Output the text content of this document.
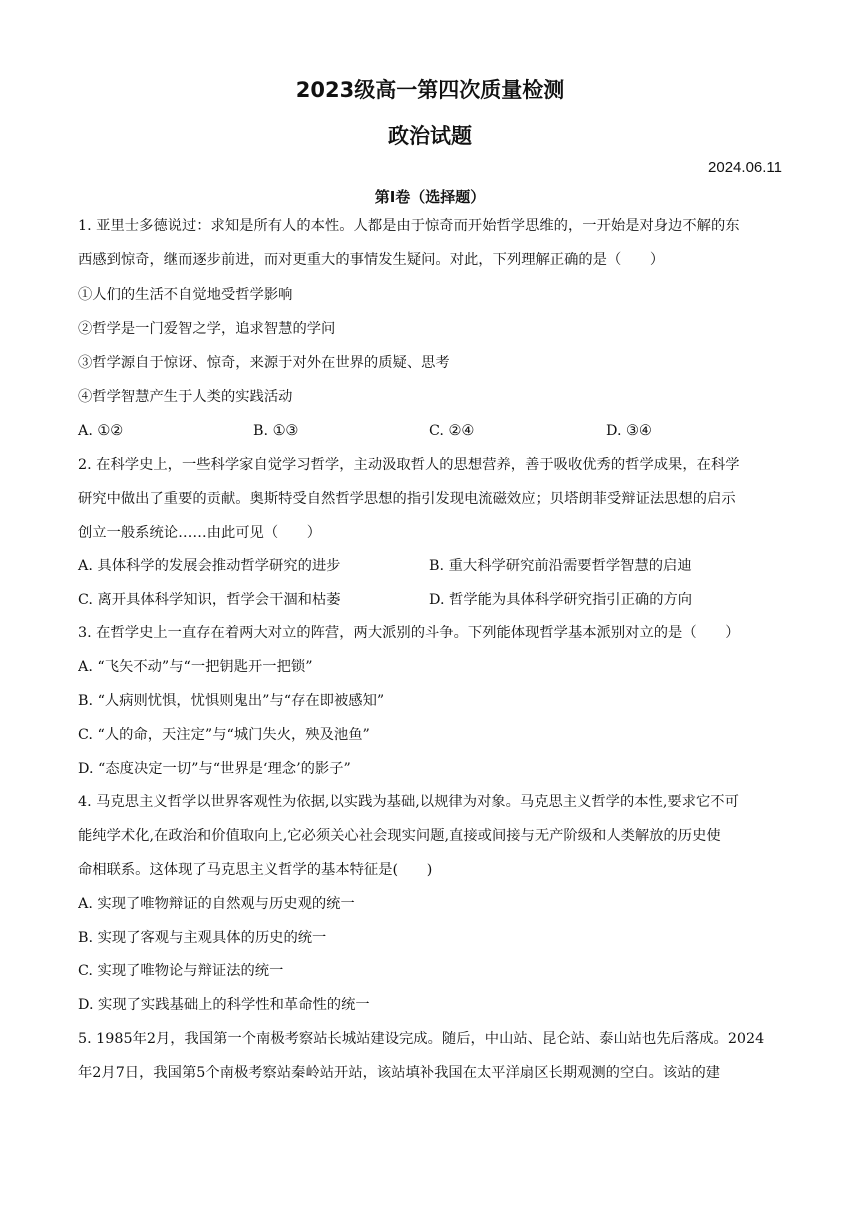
2023级高一第四次质量检测
政治试题
2024.06.11
第Ⅰ卷（选择题）
1. 亚里士多德说过：求知是所有人的本性。人都是由于惊奇而开始哲学思维的，一开始是对身边不解的东
西感到惊奇，继而逐步前进，而对更重大的事情发生疑问。对此，下列理解正确的是（　　）
①人们的生活不自觉地受哲学影响
②哲学是一门爱智之学，追求智慧的学问
③哲学源自于惊讶、惊奇，来源于对外在世界的质疑、思考
④哲学智慧产生于人类的实践活动
A. ①②	B. ①③	C. ②④	D. ③④
2. 在科学史上，一些科学家自觉学习哲学，主动汲取哲人的思想营养，善于吸收优秀的哲学成果，在科学
研究中做出了重要的贡献。奥斯特受自然哲学思想的指引发现电流磁效应；贝塔朗菲受辩证法思想的启示
创立一般系统论……由此可见（　　）
A. 具体科学的发展会推动哲学研究的进步	B. 重大科学研究前沿需要哲学智慧的启迪
C. 离开具体科学知识，哲学会干涸和枯萎	D. 哲学能为具体科学研究指引正确的方向
3. 在哲学史上一直存在着两大对立的阵营，两大派别的斗争。下列能体现哲学基本派别对立的是（　　）
A. “飞矢不动”与“一把钥匙开一把锁”
B. “人病则忧惧，忧惧则鬼出”与“存在即被感知”
C. “人的命，天注定”与“城门失火，殃及池鱼”
D. “态度决定一切”与“世界是‘理念’的影子”
4. 马克思主义哲学以世界客观性为依据,以实践为基础,以规律为对象。马克思主义哲学的本性,要求它不可
能纯学术化,在政治和价值取向上,它必须关心社会现实问题,直接或间接与无产阶级和人类解放的历史使
命相联系。这体现了马克思主义哲学的基本特征是(　　)
A. 实现了唯物辩证的自然观与历史观的统一
B. 实现了客观与主观具体的历史的统一
C. 实现了唯物论与辩证法的统一
D. 实现了实践基础上的科学性和革命性的统一
5. 1985年2月，我国第一个南极考察站长城站建设完成。随后，中山站、昆仑站、泰山站也先后落成。2024
年2月7日，我国第5个南极考察站秦岭站开站，该站填补我国在太平洋扇区长期观测的空白。该站的建
